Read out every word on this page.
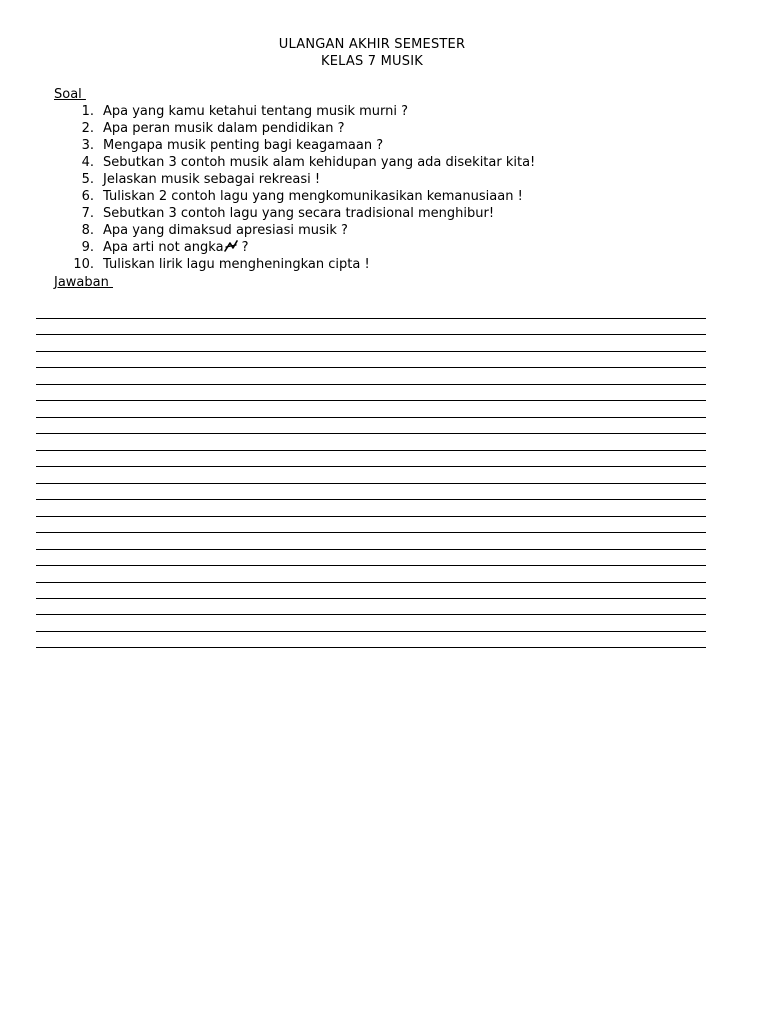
ULANGAN AKHIR SEMESTER
KELAS 7 MUSIK
Soal

1.

Apa yang kamu ketahui tentang musik murni ?

2.

Apa peran musik dalam pendidikan ?

3.

Mengapa musik penting bagi keagamaan ?

4.

Sebutkan 3 contoh musik alam kehidupan yang ada disekitar kita!

5.

Jelaskan musik sebagai rekreasi !

6.

Tuliskan 2 contoh lagu yang mengkomunikasikan kemanusiaan !

7.

Sebutkan 3 contoh lagu yang secara tradisional menghibur!

8.

Apa yang dimaksud apresiasi musik ?

9.

Apa arti not angka ?

10.

Tuliskan lirik lagu mengheningkan cipta !

Jawaban
